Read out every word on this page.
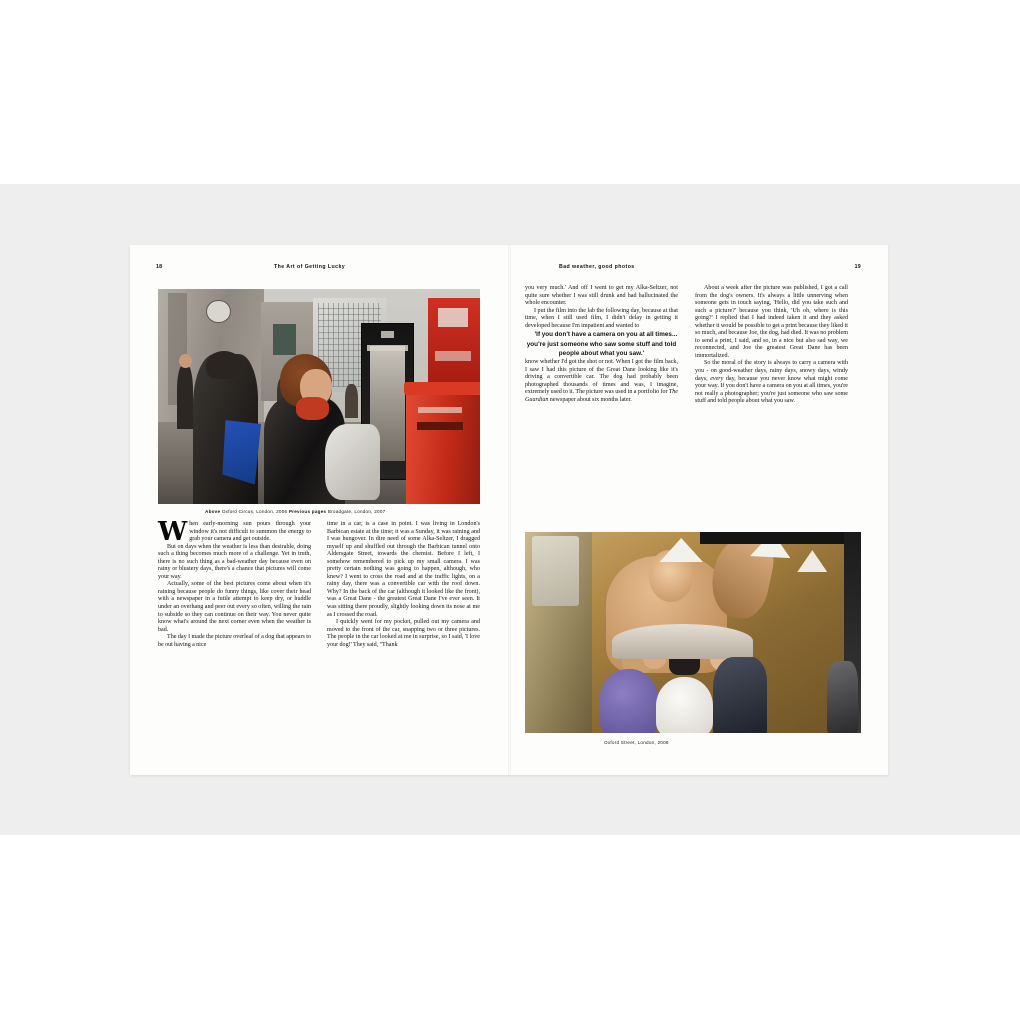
18	The Art of Getting Lucky
Above Oxford Circus, London, 2006 Previous pages Broadgate, London, 2007

When early-morning sun pours through your window it's not difficult to summon the energy to grab your camera and get outside.

But on days when the weather is less than desirable, doing such a thing becomes much more of a challenge. Yet in truth, there is no such thing as a bad-weather day because even on rainy or blustery days, there's a chance that pictures will come your way.

Actually, some of the best pictures come about when it's raining because people do funny things, like cover their head with a newspaper in a futile attempt to keep dry, or huddle under an overhang and peer out every so often, willing the rain to subside so they can continue on their way. You never quite know what's around the next corner even when the weather is bad.

The day I made the picture overleaf of a dog that appears to be out having a nice

time in a car, is a case in point. I was living in London's Barbican estate at the time; it was a Sunday, it was raining and I was hungover. In dire need of some Alka-Seltzer, I dragged myself up and shuffled out through the Barbican tunnel onto Aldersgate Street, towards the chemist. Before I left, I somehow remembered to pick up my small camera. I was pretty certain nothing was going to happen, although, who knew? I went to cross the road and at the traffic lights, on a rainy day, there was a convertible car with the roof down. Why? In the back of the car (although it looked like the front), was a Great Dane - the greatest Great Dane I've ever seen. It was sitting there proudly, slightly looking down its nose at me as I crossed the road.

I quickly went for my pocket, pulled out my camera and moved to the front of the car, snapping two or three pictures. The people in the car looked at me in surprise, so I said, 'I love your dog!' They said, "Thank

Bad weather, good photos	19

you very much.' And off I went to get my Alka-Seltzer, not quite sure whether I was still drunk and had hallucinated the whole encounter.

I put the film into the lab the following day, because at that time, when I still used film, I didn't delay in getting it developed because I'm impatient and wanted to

'If you don't have a camera on you at all times... you're just someone who saw some stuff and told people about what you saw.'

know whether I'd got the shot or not. When I got the film back, I saw I had this picture of the Great Dane looking like it's driving a convertible car. The dog had probably been photographed thousands of times and was, I imagine, extremely used to it. The picture was used in a portfolio for The Guardian newspaper about six months later.

About a week after the picture was published, I got a call from the dog's owners. It's always a little unnerving when someone gets in touch saying, 'Hello, did you take such and such a picture?' because you think, 'Uh oh, where is this going?' I replied that I had indeed taken it and they asked whether it would be possible to get a print because they liked it so much, and because Joe, the dog, had died. It was no problem to send a print, I said, and so, in a nice but also sad way, we reconnected, and Joe the greatest Great Dane has been immortalized.

So the moral of the story is always to carry a camera with you - on good-weather days, rainy days, snowy days, windy days, every day, because you never know what might come your way. If you don't have a camera on you at all times, you're not really a photographer; you're just someone who saw some stuff and told people about what you saw.

Oxford Street, London, 2008
